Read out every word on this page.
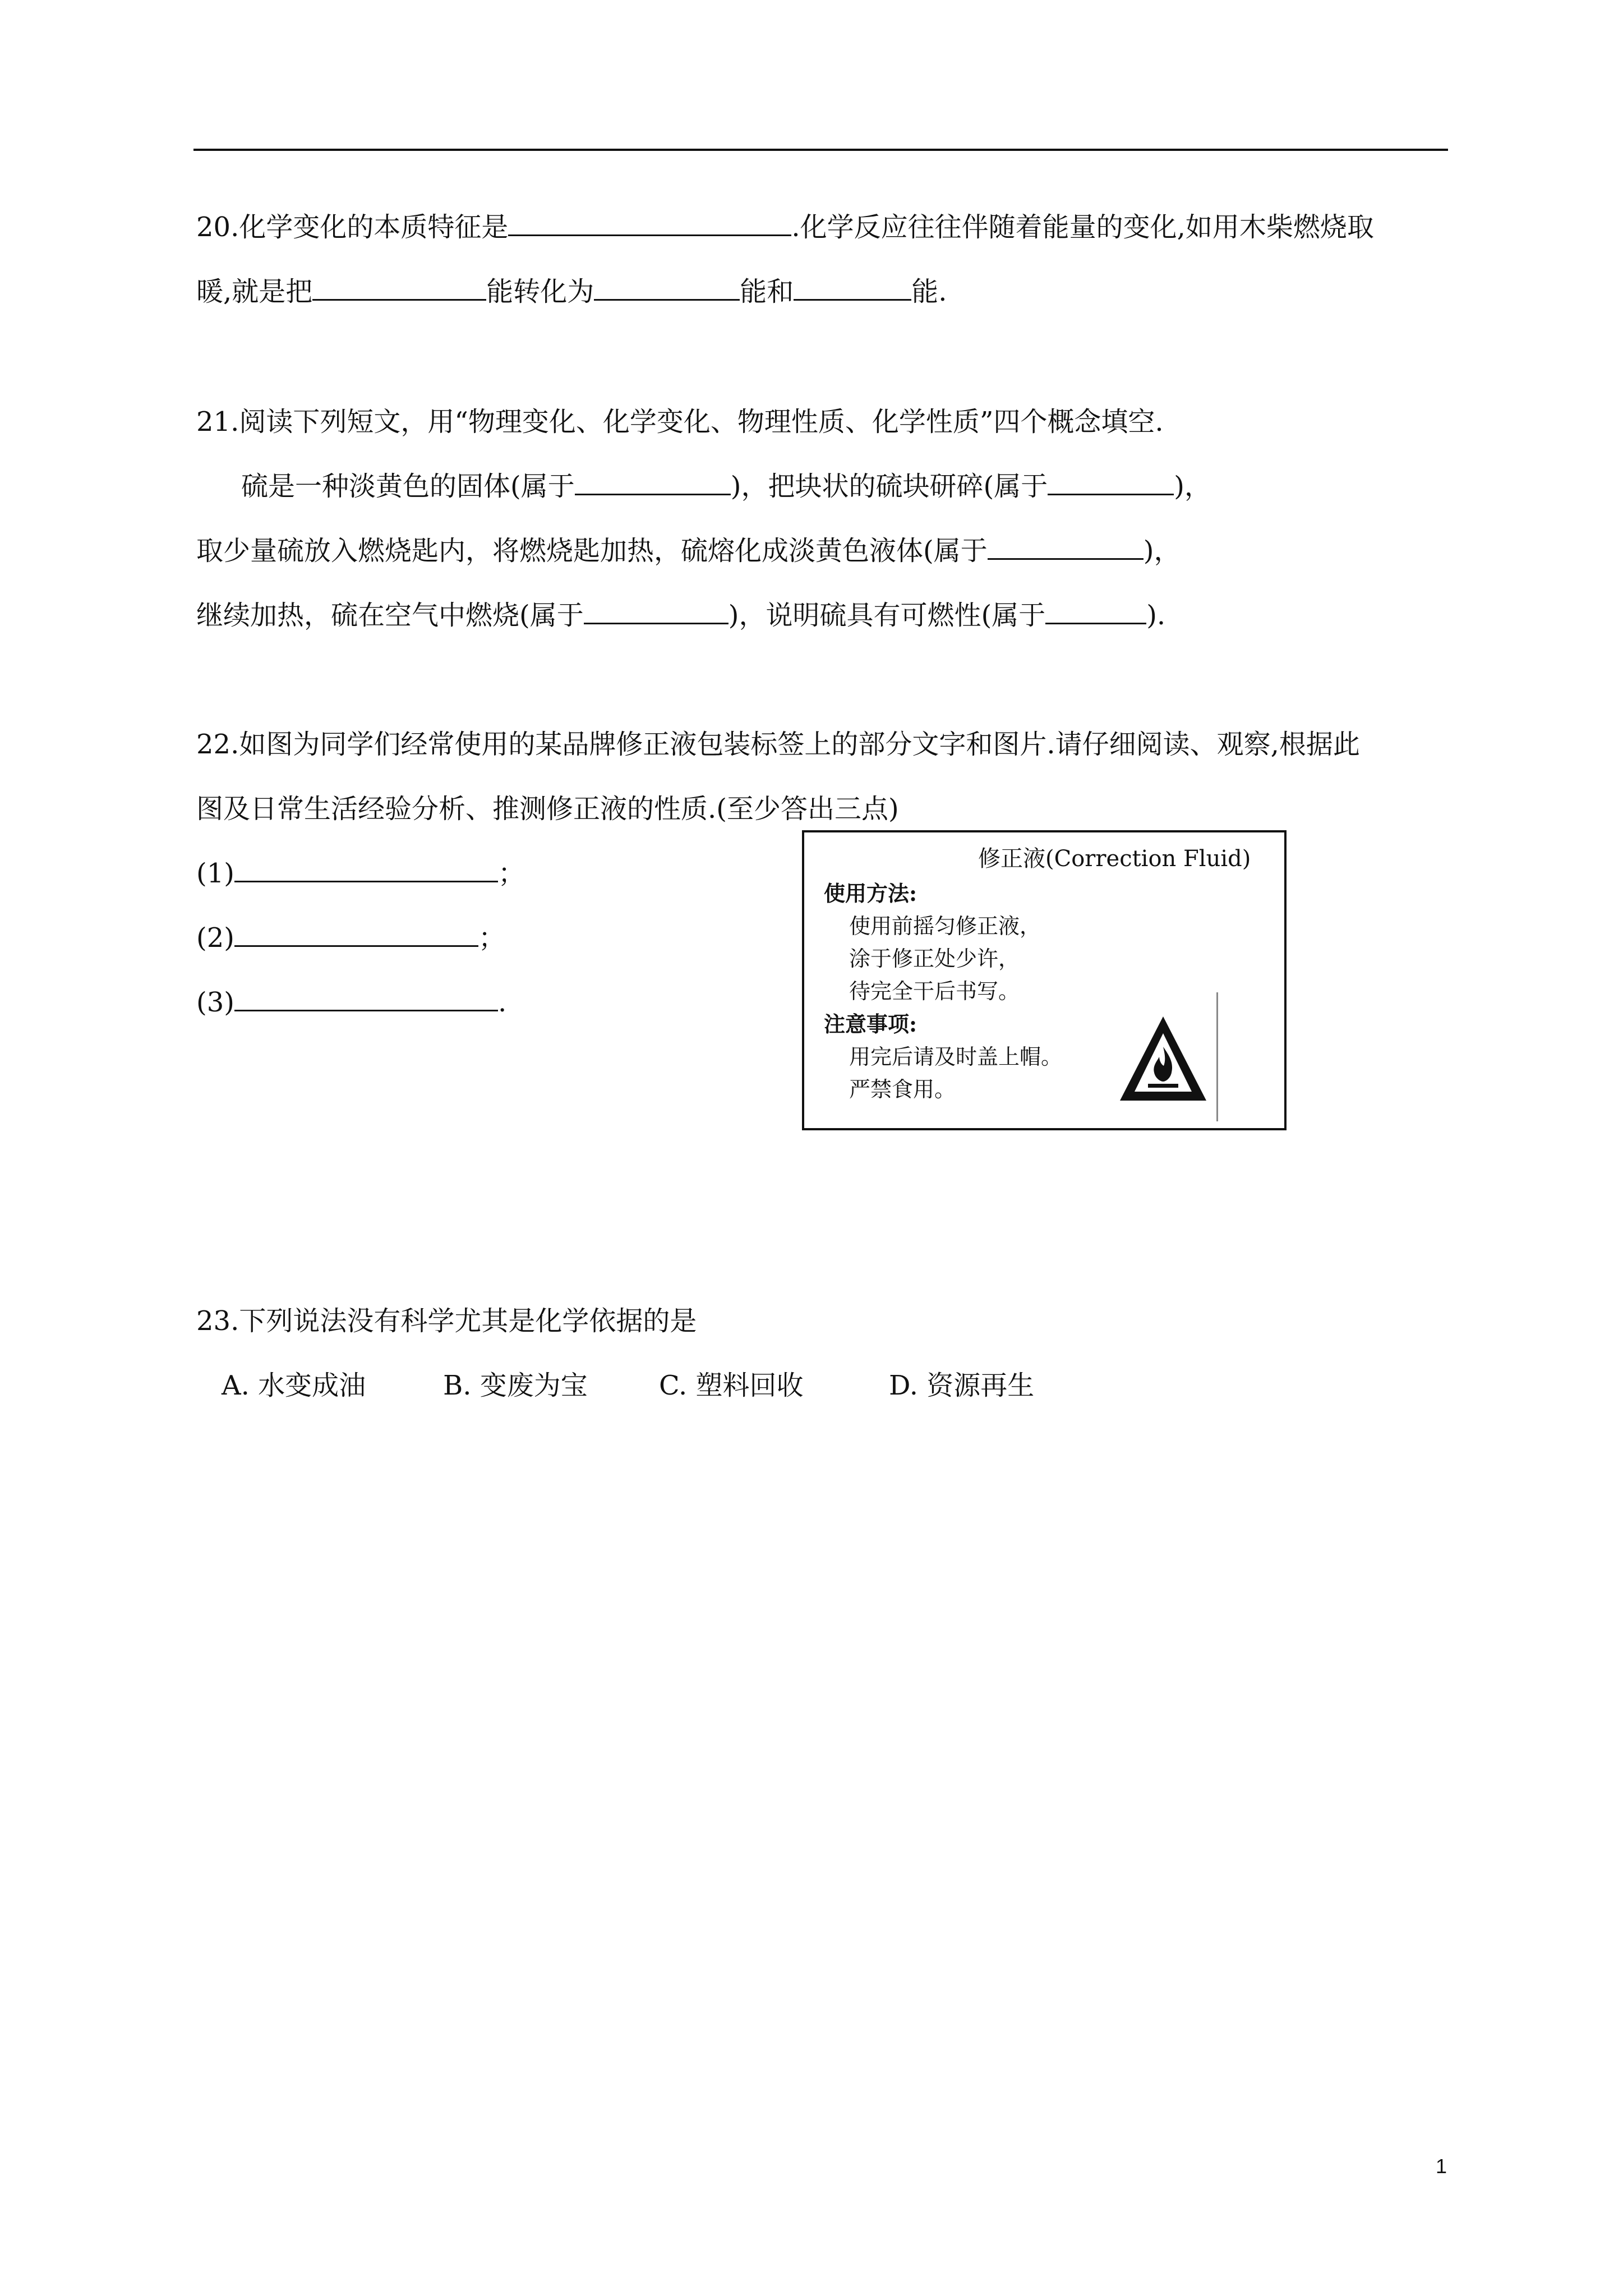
20.化学变化的本质特征是	.化学反应往往伴随着能量的变化,如用木柴燃烧取
暖,就是把	能转化为	能和	能.
21.阅读下列短文，用“物理变化、化学变化、物理性质、化学性质”四个概念填空.
硫是一种淡黄色的固体(属于	)，把块状的硫块研碎(属于	)，
取少量硫放入燃烧匙内，将燃烧匙加热，硫熔化成淡黄色液体(属于	)，
继续加热，硫在空气中燃烧(属于	)，说明硫具有可燃性(属于	).
22.如图为同学们经常使用的某品牌修正液包装标签上的部分文字和图片.请仔细阅读、观察,根据此
图及日常生活经验分析、推测修正液的性质.(至少答出三点)
(1)	；
(2)	；
(3)	.
修正液(Correction Fluid)
使用方法:
使用前摇匀修正液，
涂于修正处少许，
待完全干后书写。
注意事项:
用完后请及时盖上帽。
严禁食用。
23.下列说法没有科学尤其是化学依据的是
A. 水变成油	B. 变废为宝	C. 塑料回收	D. 资源再生
1
